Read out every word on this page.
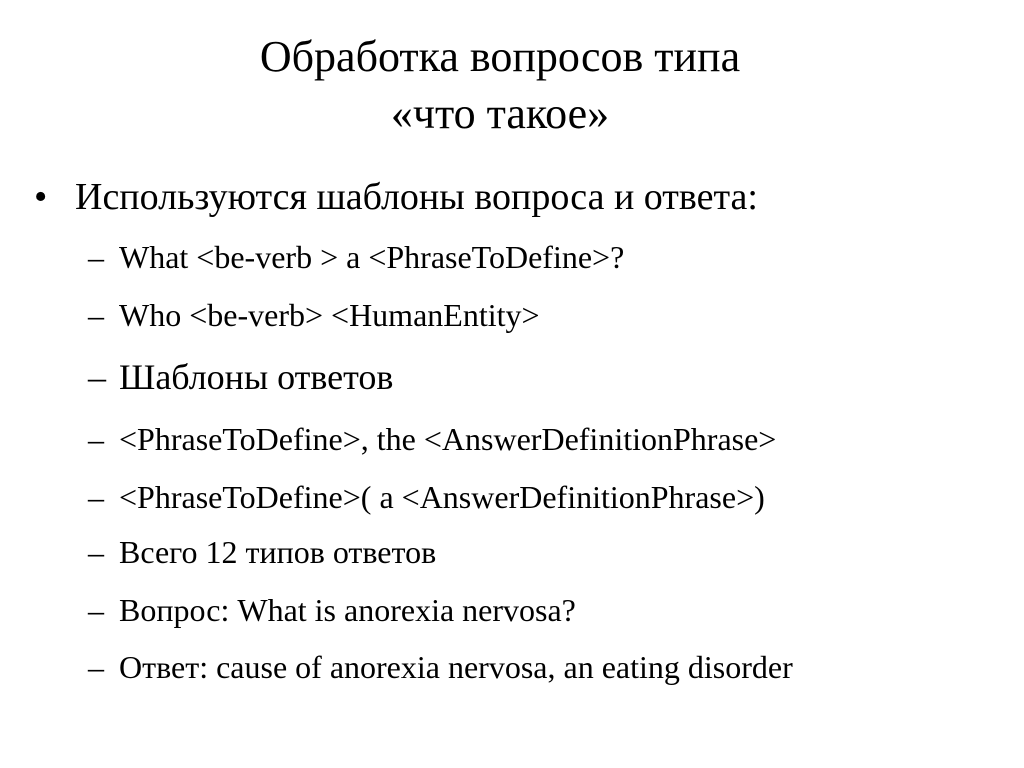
Обработка вопросов типа
«что такое»
• Используются шаблоны вопроса и ответа:
– What <be-verb > a <PhraseToDefine>?
– Who <be-verb> <HumanEntity>
– Шаблоны ответов
– <PhraseToDefine>, the <AnswerDefinitionPhrase>
– <PhraseToDefine>( a <AnswerDefinitionPhrase>)
– Всего 12 типов ответов
– Вопрос: What is anorexia nervosa?
– Ответ: cause of anorexia nervosa, an eating disorder
